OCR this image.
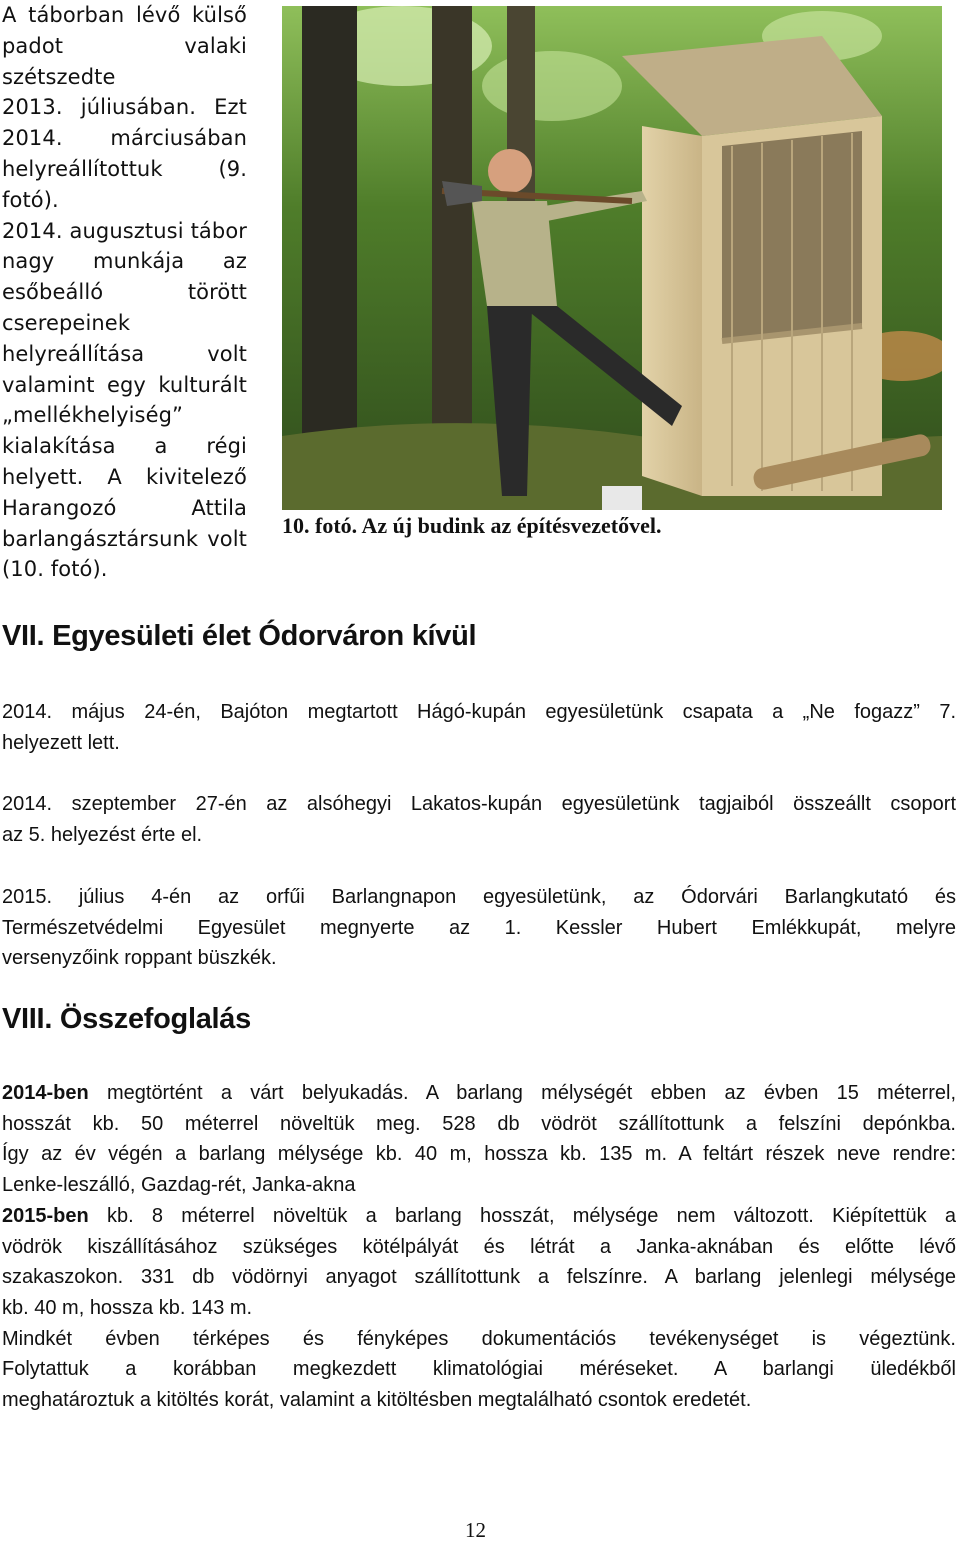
A táborban lévő külső
padot valaki szétszedte
2013. júliusában. Ezt
2014. márciusában
helyreállítottuk (9.
fotó).
2014. augusztusi tábor
nagy munkája az
esőbeálló törött
cserepeinek
helyreállítása volt
valamint egy kulturált
„mellékhelyiség”
kialakítása a régi
helyett. A kivitelező
Harangozó Attila
barlangásztársunk volt
(10. fotó).
10. fotó. Az új budink az építésvezetővel.
VII. Egyesületi élet Ódorváron kívül
2014. május 24-én, Bajóton megtartott Hágó-kupán egyesületünk csapata a „Ne fogazz” 7.
helyezett lett.
2014. szeptember 27-én az alsóhegyi Lakatos-kupán egyesületünk tagjaiból összeállt csoport
az 5. helyezést érte el.
2015. július 4-én az orfűi Barlangnapon egyesületünk, az Ódorvári Barlangkutató és
Természetvédelmi Egyesület megnyerte az 1. Kessler Hubert Emlékkupát, melyre
versenyzőink roppant büszkék.
VIII. Összefoglalás
2014-ben megtörtént a várt belyukadás. A barlang mélységét ebben az évben 15 méterrel,
hosszát kb. 50 méterrel növeltük meg. 528 db vödröt szállítottunk a felszíni depónkba.
Így az év végén a barlang mélysége kb. 40 m, hossza kb. 135 m. A feltárt részek neve rendre:
Lenke-leszálló, Gazdag-rét, Janka-akna
2015-ben kb. 8 méterrel növeltük a barlang hosszát, mélysége nem változott. Kiépítettük a
vödrök kiszállításához szükséges kötélpályát és létrát a Janka-aknában és előtte lévő
szakaszokon. 331 db vödörnyi anyagot szállítottunk a felszínre. A barlang jelenlegi mélysége
kb. 40 m, hossza kb. 143 m.
Mindkét évben térképes és fényképes dokumentációs tevékenységet is végeztünk.
Folytattuk a korábban megkezdett klimatológiai méréseket. A barlangi üledékből
meghatároztuk a kitöltés korát, valamint a kitöltésben megtalálható csontok eredetét.
12
